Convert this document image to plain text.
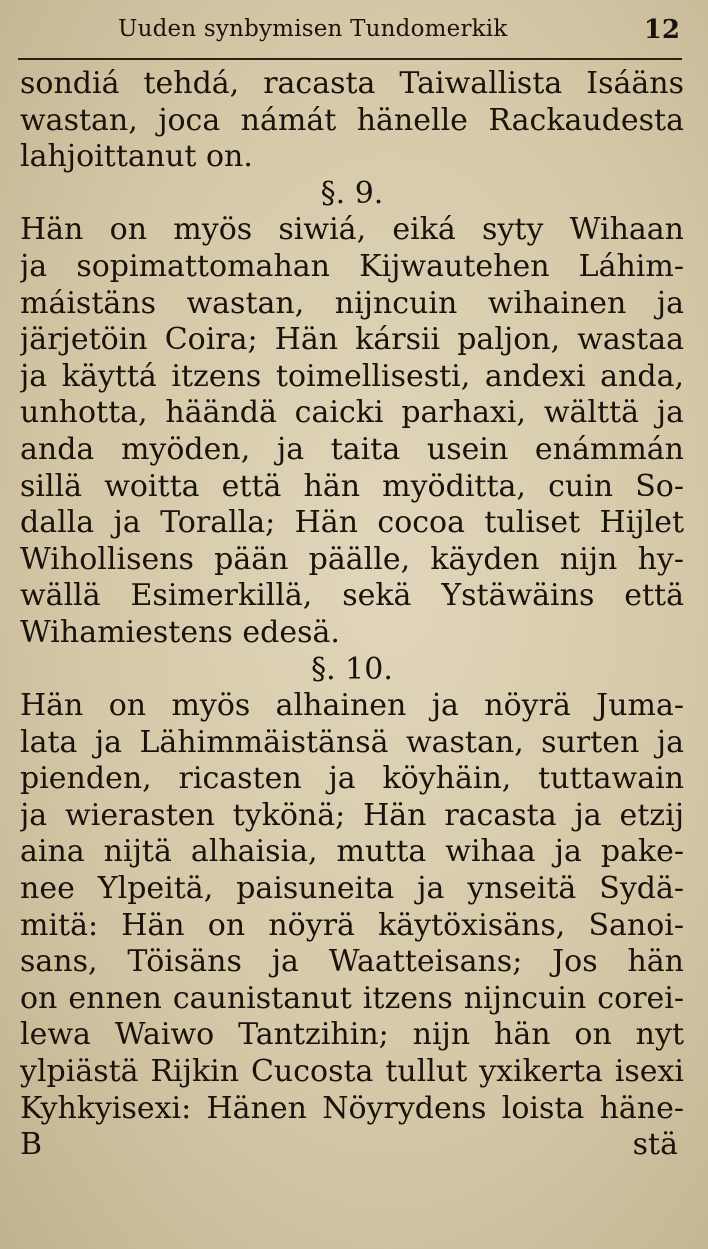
Uuden synbymisen Tundomerkik	12
sondiá tehdá, racasta Taiwallista Isáäns
wastan, joca námát hänelle Rackaudesta
lahjoittanut on.
§. 9.
Hän on myös siwiá, eiká syty Wihaan
ja sopimattomahan Kijwautehen Láhim-
máistäns wastan, nijncuin wihainen ja
järjetöin Coira; Hän kársii paljon, wastaa
ja käyttá itzens toimellisesti, andexi anda,
unhotta, häändä caicki parhaxi, wälttä ja
anda myöden, ja taita usein enámmán
sillä woitta että hän myöditta, cuin So-
dalla ja Toralla; Hän cocoa tuliset Hijlet
Wihollisens pään päälle, käyden nijn hy-
wällä Esimerkillä, sekä Ystäwäins että
Wihamiestens edesä.
§. 10.
Hän on myös alhainen ja nöyrä Juma-
lata ja Lähimmäistänsä wastan, surten ja
pienden, ricasten ja köyhäin, tuttawain
ja wierasten tykönä; Hän racasta ja etzij
aina nijtä alhaisia, mutta wihaa ja pake-
nee Ylpeitä, paisuneita ja ynseitä Sydä-
mitä: Hän on nöyrä käytöxisäns, Sanoi-
sans, Töisäns ja Waatteisans; Jos hän
on ennen caunistanut itzens nijncuin corei-
lewa Waiwo Tantzihin; nijn hän on nyt
ylpiästä Rijkin Cucosta tullut yxikerta isexi
Kyhkyisexi: Hänen Nöyrydens loista häne-
B	stä
